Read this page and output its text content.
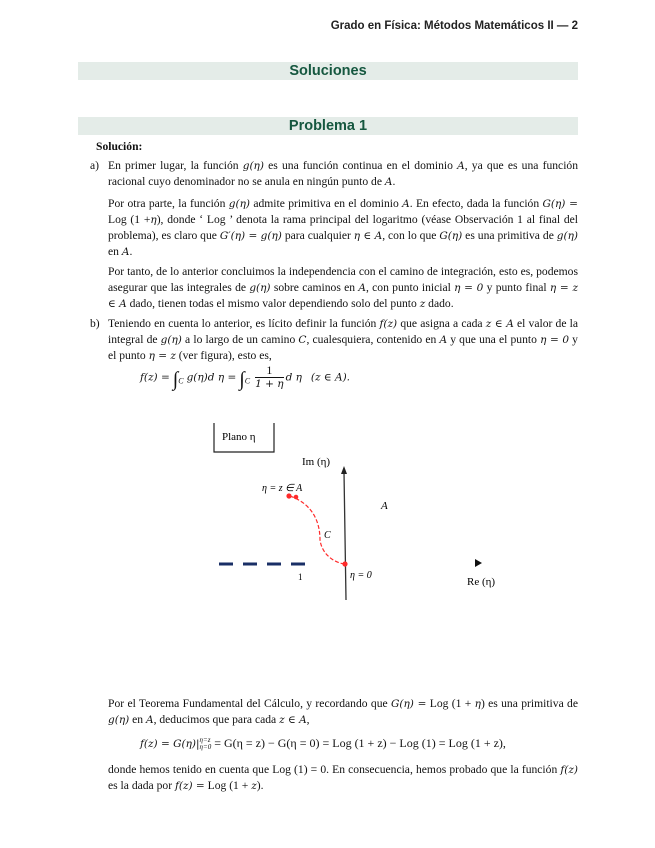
Grado en Física: Métodos Matemáticos II — 2
Soluciones
Problema 1
Solución:
a) En primer lugar, la función g(η) es una función continua en el dominio A, ya que es una función racional cuyo denominador no se anula en ningún punto de A.
Por otra parte, la función g(η) admite primitiva en el dominio A. En efecto, dada la función G(η) = Log (1 +η), donde ‘ Log ’ denota la rama principal del logaritmo (véase Observación 1 al final del problema), es claro que G′(η) = g(η) para cualquier η ∈ A, con lo que G(η) es una primitiva de g(η) en A.
Por tanto, de lo anterior concluimos la independencia con el camino de integración, esto es, podemos asegurar que las integrales de g(η) sobre caminos en A, con punto inicial η = 0 y punto final η = z ∈ A dado, tienen todas el mismo valor dependiendo solo del punto z dado.
b) Teniendo en cuenta lo anterior, es lícito definir la función f(z) que asigna a cada z ∈ A el valor de la integral de g(η) a lo largo de un camino C, cualesquiera, contenido en A y que una el punto η = 0 y el punto η = z (ver figura), esto es,
$f(z) = \int_C$ g(η)d $\eta = \int_C \frac{1}{1 + \eta}$ d η (z ∈ A).
Plano η
Im (η)
Re (η)
1
η = z ∈ A
C
A
η = 0
Por el Teorema Fundamental del Cálculo, y recordando que G(η) = Log (1 + η) es una primitiva de g(η) en A, deducimos que para cada z ∈ A,
f(z) = G(η)| η=z
η=0 = G(η = z) − G(η = 0) = Log (1 + z) − Log (1) = Log (1 + z),
donde hemos tenido en cuenta que Log (1) = 0. En consecuencia, hemos probado que la función f(z) es la dada por f(z) = Log (1 + z).
